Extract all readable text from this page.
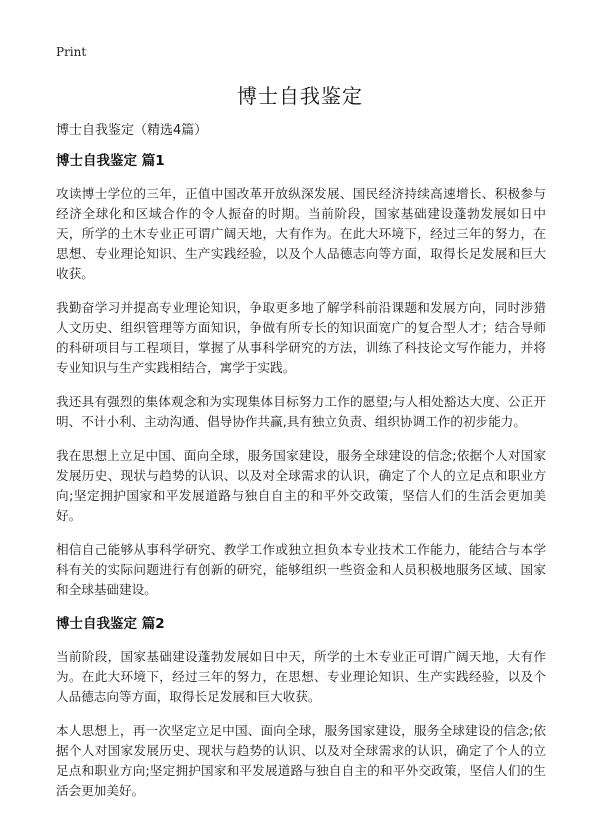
Print
博士自我鉴定

博士自我鉴定（精选4篇）

博士自我鉴定 篇1

攻读博士学位的三年，正值中国改革开放纵深发展、国民经济持续高速增长、积极参与经济全球化和区域合作的令人振奋的时期。当前阶段，国家基础建设蓬勃发展如日中天，所学的土木专业正可谓广阔天地，大有作为。在此大环境下，经过三年的努力，在思想、专业理论知识、生产实践经验，以及个人品德志向等方面，取得长足发展和巨大收获。

我勤奋学习并提高专业理论知识，争取更多地了解学科前沿课题和发展方向，同时涉猎人文历史、组织管理等方面知识，争做有所专长的知识面宽广的复合型人才；结合导师的科研项目与工程项目，掌握了从事科学研究的方法，训练了科技论文写作能力，并将专业知识与生产实践相结合，寓学于实践。

我还具有强烈的集体观念和为实现集体目标努力工作的愿望;与人相处豁达大度、公正开明、不计小利、主动沟通、倡导协作共赢,具有独立负责、组织协调工作的初步能力。

我在思想上立足中国、面向全球，服务国家建设，服务全球建设的信念;依据个人对国家发展历史、现状与趋势的认识、以及对全球需求的认识，确定了个人的立足点和职业方向;坚定拥护国家和平发展道路与独自自主的和平外交政策，坚信人们的生活会更加美好。

相信自己能够从事科学研究、教学工作或独立担负本专业技术工作能力，能结合与本学科有关的实际问题进行有创新的研究，能够组织一些资金和人员积极地服务区域、国家和全球基础建设。

博士自我鉴定 篇2

当前阶段，国家基础建设蓬勃发展如日中天，所学的土木专业正可谓广阔天地，大有作为。在此大环境下，经过三年的努力，在思想、专业理论知识、生产实践经验，以及个人品德志向等方面，取得长足发展和巨大收获。

本人思想上，再一次坚定立足中国、面向全球，服务国家建设，服务全球建设的信念;依据个人对国家发展历史、现状与趋势的认识、以及对全球需求的认识，确定了个人的立足点和职业方向;坚定拥护国家和平发展道路与独自自主的和平外交政策，坚信人们的生活会更加美好。
